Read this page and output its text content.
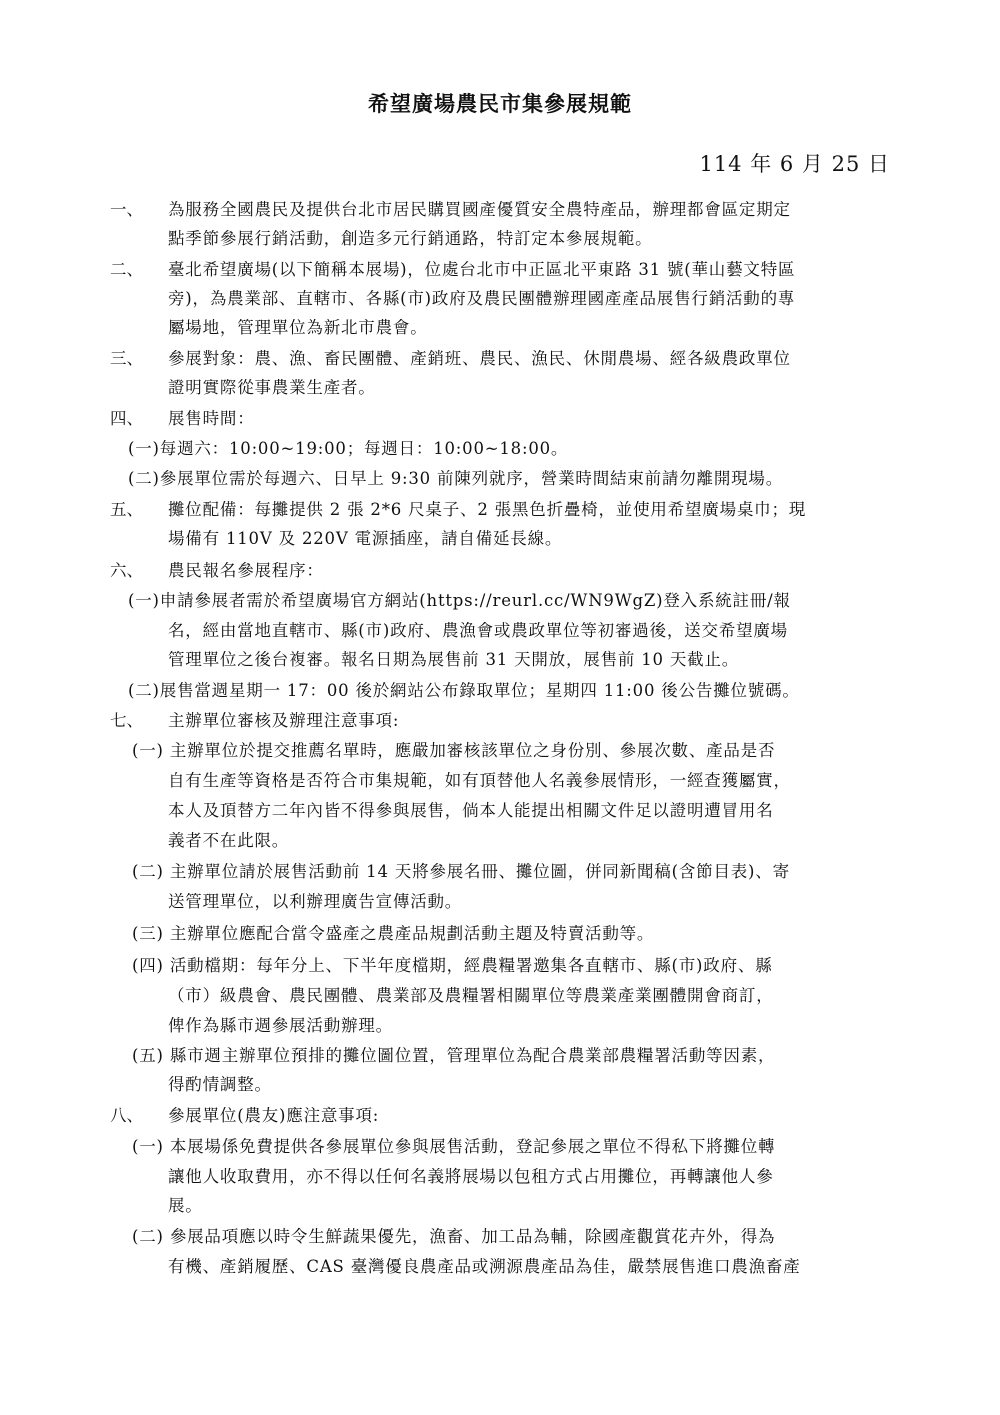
希望廣場農民市集參展規範
114 年 6 月 25 日
一、 為服務全國農民及提供台北市居民購買國產優質安全農特產品，辦理都會區定期定
點季節參展行銷活動，創造多元行銷通路，特訂定本參展規範。
二、 臺北希望廣場(以下簡稱本展場)，位處台北市中正區北平東路 31 號(華山藝文特區
旁)，為農業部、直轄市、各縣(市)政府及農民團體辦理國產產品展售行銷活動的專
屬場地，管理單位為新北市農會。
三、 參展對象：農、漁、畜民團體、產銷班、農民、漁民、休閒農場、經各級農政單位
證明實際從事農業生產者。
四、 展售時間：
(一)每週六：10:00~19:00；每週日：10:00~18:00。
(二)參展單位需於每週六、日早上 9:30 前陳列就序，營業時間結束前請勿離開現場。
五、 攤位配備：每攤提供 2 張 2*6 尺桌子、2 張黑色折疊椅，並使用希望廣場桌巾；現
場備有 110V 及 220V 電源插座，請自備延長線。
六、 農民報名參展程序：
(一)申請參展者需於希望廣場官方網站(https://reurl.cc/WN9WgZ)登入系統註冊/報
名，經由當地直轄市、縣(市)政府、農漁會或農政單位等初審過後，送交希望廣場
管理單位之後台複審。報名日期為展售前 31 天開放，展售前 10 天截止。
(二)展售當週星期一 17：00 後於網站公布錄取單位；星期四 11:00 後公告攤位號碼。
七、 主辦單位審核及辦理注意事項:
(一) 主辦單位於提交推薦名單時，應嚴加審核該單位之身份別、參展次數、產品是否
自有生產等資格是否符合市集規範，如有頂替他人名義參展情形，一經查獲屬實，
本人及頂替方二年內皆不得參與展售，倘本人能提出相關文件足以證明遭冒用名
義者不在此限。
(二) 主辦單位請於展售活動前 14 天將參展名冊、攤位圖，併同新聞稿(含節目表)、寄
送管理單位，以利辦理廣告宣傳活動。
(三) 主辦單位應配合當令盛產之農產品規劃活動主題及特賣活動等。
(四) 活動檔期：每年分上、下半年度檔期，經農糧署邀集各直轄市、縣(市)政府、縣
（市）級農會、農民團體、農業部及農糧署相關單位等農業產業團體開會商訂，
俾作為縣市週參展活動辦理。
(五) 縣市週主辦單位預排的攤位圖位置，管理單位為配合農業部農糧署活動等因素，
得酌情調整。
八、 參展單位(農友)應注意事項:
(一) 本展場係免費提供各參展單位參與展售活動，登記參展之單位不得私下將攤位轉
讓他人收取費用，亦不得以任何名義將展場以包租方式占用攤位，再轉讓他人參
展。
(二) 參展品項應以時令生鮮蔬果優先，漁畜、加工品為輔，除國產觀賞花卉外，得為
有機、產銷履歷、CAS 臺灣優良農產品或溯源農產品為佳，嚴禁展售進口農漁畜產
